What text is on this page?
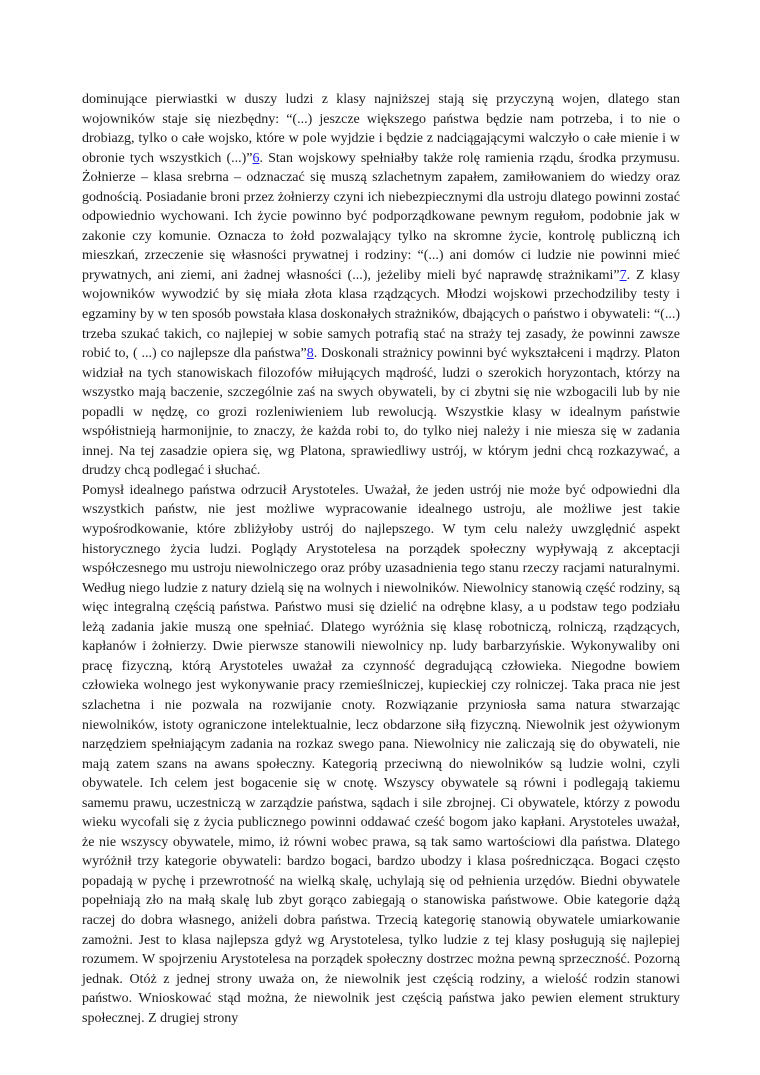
dominujące pierwiastki w duszy ludzi z klasy najniższej stają się przyczyną wojen, dlatego stan wojowników staje się niezbędny: “(...) jeszcze większego państwa będzie nam potrzeba, i to nie o drobiazg, tylko o całe wojsko, które w pole wyjdzie i będzie z nadciągającymi walczyło o całe mienie i w obronie tych wszystkich (...)”6. Stan wojskowy spełniałby także rolę ramienia rządu, środka przymusu. Żołnierze – klasa srebrna – odznaczać się muszą szlachetnym zapałem, zamiłowaniem do wiedzy oraz godnością. Posiadanie broni przez żołnierzy czyni ich niebezpiecznymi dla ustroju dlatego powinni zostać odpowiednio wychowani. Ich życie powinno być podporządkowane pewnym regułom, podobnie jak w zakonie czy komunie. Oznacza to żołd pozwalający tylko na skromne życie, kontrolę publiczną ich mieszkań, zrzeczenie się własności prywatnej i rodziny: “(...) ani domów ci ludzie nie powinni mieć prywatnych, ani ziemi, ani żadnej własności (...), jeżeliby mieli być naprawdę strażnikami”7. Z klasy wojowników wywodzić by się miała złota klasa rządzących. Młodzi wojskowi przechodziliby testy i egzaminy by w ten sposób powstała klasa doskonałych strażników, dbających o państwo i obywateli: “(...) trzeba szukać takich, co najlepiej w sobie samych potrafią stać na straży tej zasady, że powinni zawsze robić to, ( ...) co najlepsze dla państwa”8. Doskonali strażnicy powinni być wykształceni i mądrzy. Platon widział na tych stanowiskach filozofów miłujących mądrość, ludzi o szerokich horyzontach, którzy na wszystko mają baczenie, szczególnie zaś na swych obywateli, by ci zbytni się nie wzbogacili lub by nie popadli w nędzę, co grozi rozleniwieniem lub rewolucją. Wszystkie klasy w idealnym państwie współistnieją harmonijnie, to znaczy, że każda robi to, do tylko niej należy i nie miesza się w zadania innej. Na tej zasadzie opiera się, wg Platona, sprawiedliwy ustrój, w którym jedni chcą rozkazywać, a drudzy chcą podlegać i słuchać.

Pomysł idealnego państwa odrzucił Arystoteles. Uważał, że jeden ustrój nie może być odpowiedni dla wszystkich państw, nie jest możliwe wypracowanie idealnego ustroju, ale możliwe jest takie wypośrodkowanie, które zbliżyłoby ustrój do najlepszego. W tym celu należy uwzględnić aspekt historycznego życia ludzi. Poglądy Arystotelesa na porządek społeczny wypływają z akceptacji współczesnego mu ustroju niewolniczego oraz próby uzasadnienia tego stanu rzeczy racjami naturalnymi. Według niego ludzie z natury dzielą się na wolnych i niewolników. Niewolnicy stanowią część rodziny, są więc integralną częścią państwa. Państwo musi się dzielić na odrębne klasy, a u podstaw tego podziału leżą zadania jakie muszą one spełniać. Dlatego wyróżnia się klasę robotniczą, rolniczą, rządzących, kapłanów i żołnierzy. Dwie pierwsze stanowili niewolnicy np. ludy barbarzyńskie. Wykonywaliby oni pracę fizyczną, którą Arystoteles uważał za czynność degradującą człowieka. Niegodne bowiem człowieka wolnego jest wykonywanie pracy rzemieślniczej, kupieckiej czy rolniczej. Taka praca nie jest szlachetna i nie pozwala na rozwijanie cnoty. Rozwiązanie przyniosła sama natura stwarzając niewolników, istoty ograniczone intelektualnie, lecz obdarzone siłą fizyczną. Niewolnik jest ożywionym narzędziem spełniającym zadania na rozkaz swego pana. Niewolnicy nie zaliczają się do obywateli, nie mają zatem szans na awans społeczny. Kategorią przeciwną do niewolników są ludzie wolni, czyli obywatele. Ich celem jest bogacenie się w cnotę. Wszyscy obywatele są równi i podlegają takiemu samemu prawu, uczestniczą w zarządzie państwa, sądach i sile zbrojnej. Ci obywatele, którzy z powodu wieku wycofali się z życia publicznego powinni oddawać cześć bogom jako kapłani. Arystoteles uważał, że nie wszyscy obywatele, mimo, iż równi wobec prawa, są tak samo wartościowi dla państwa. Dlatego wyróżnił trzy kategorie obywateli: bardzo bogaci, bardzo ubodzy i klasa pośrednicząca. Bogaci często popadają w pychę i przewrotność na wielką skalę, uchylają się od pełnienia urzędów. Biedni obywatele popełniają zło na małą skalę lub zbyt gorąco zabiegają o stanowiska państwowe. Obie kategorie dążą raczej do dobra własnego, aniżeli dobra państwa. Trzecią kategorię stanowią obywatele umiarkowanie zamożni. Jest to klasa najlepsza gdyż wg Arystotelesa, tylko ludzie z tej klasy posługują się najlepiej rozumem. W spojrzeniu Arystotelesa na porządek społeczny dostrzec można pewną sprzeczność. Pozorną jednak. Otóż z jednej strony uważa on, że niewolnik jest częścią rodziny, a wielość rodzin stanowi państwo. Wnioskować stąd można, że niewolnik jest częścią państwa jako pewien element struktury społecznej. Z drugiej strony
